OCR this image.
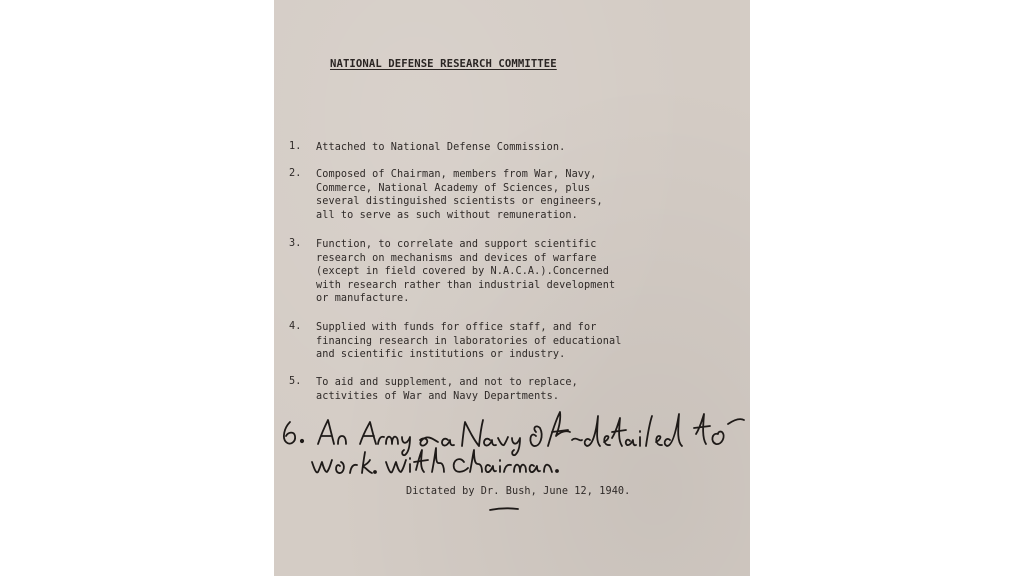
NATIONAL DEFENSE RESEARCH COMMITTEE
1.	Attached to National Defense Commission.
2.	Composed of Chairman, members from War, Navy,
Commerce, National Academy of Sciences, plus
several distinguished scientists or engineers,
all to serve as such without remuneration.
3.	Function, to correlate and support scientific
research on mechanisms and devices of warfare
(except in field covered by N.A.C.A.).Concerned
with research rather than industrial development
or manufacture.
4.	Supplied with funds for office staff, and for
financing research in laboratories of educational
and scientific institutions or industry.
5.	To aid and supplement, and not to replace,
activities of War and Navy Departments.
Dictated by Dr. Bush, June 12, 1940.
